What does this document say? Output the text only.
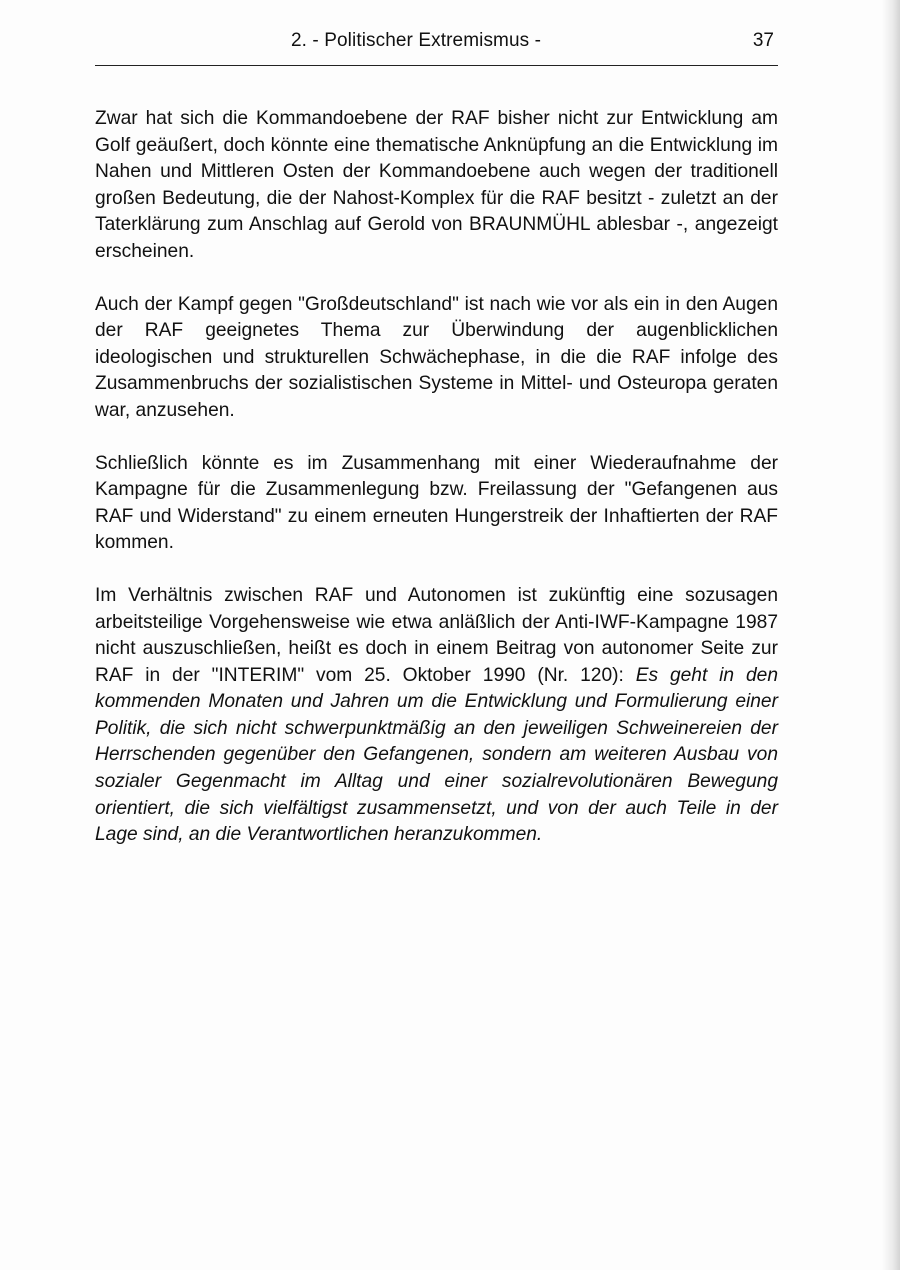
2. - Politischer Extremismus -	37

Zwar hat sich die Kommandoebene der RAF bisher nicht zur Entwicklung am Golf geäußert, doch könnte eine thematische Anknüpfung an die Entwicklung im Nahen und Mittleren Osten der Kommandoebene auch wegen der traditionell großen Bedeutung, die der Nahost-Komplex für die RAF besitzt - zuletzt an der Taterklärung zum Anschlag auf Gerold von BRAUNMÜHL ablesbar -, angezeigt erscheinen.

Auch der Kampf gegen "Großdeutschland" ist nach wie vor als ein in den Augen der RAF geeignetes Thema zur Überwindung der augenblicklichen ideologischen und strukturellen Schwächephase, in die die RAF infolge des Zusammenbruchs der sozialistischen Systeme in Mittel- und Osteuropa geraten war, anzusehen.

Schließlich könnte es im Zusammenhang mit einer Wiederaufnahme der Kampagne für die Zusammenlegung bzw. Freilassung der "Gefangenen aus RAF und Widerstand" zu einem erneuten Hungerstreik der Inhaftierten der RAF kommen.

Im Verhältnis zwischen RAF und Autonomen ist zukünftig eine sozusagen arbeitsteilige Vorgehensweise wie etwa anläßlich der Anti-IWF-Kampagne 1987 nicht auszuschließen, heißt es doch in einem Beitrag von autonomer Seite zur RAF in der "INTERIM" vom 25. Oktober 1990 (Nr. 120): Es geht in den kommenden Monaten und Jahren um die Entwicklung und Formulierung einer Politik, die sich nicht schwerpunktmäßig an den jeweiligen Schweinereien der Herrschenden gegenüber den Gefangenen, sondern am weiteren Ausbau von sozialer Gegenmacht im Alltag und einer sozialrevolutionären Bewegung orientiert, die sich vielfältigst zusammensetzt, und von der auch Teile in der Lage sind, an die Verantwortlichen heranzukommen.
